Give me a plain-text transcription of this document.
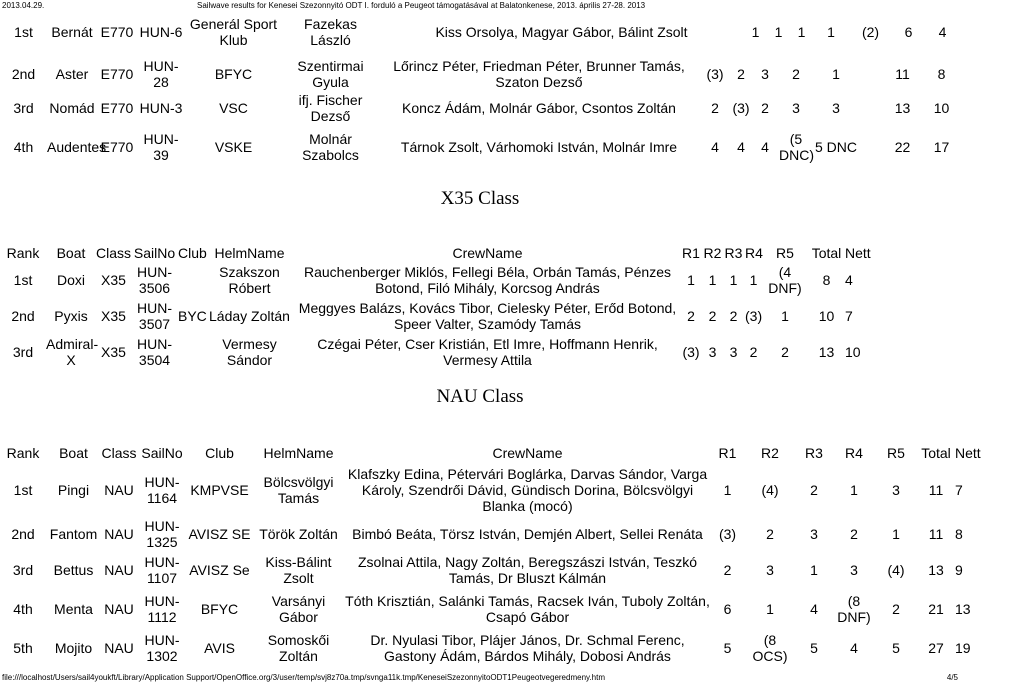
2013.04.29.	Sailwave results for Kenesei Szezonnyitó ODT I. forduló a Peugeot támogatásával at Balatonkenese, 2013. április 27-28. 2013
1st	Bernát	E770	HUN-6	Generál Sport Klub	Fazekas László	Kiss Orsolya, Magyar Gábor, Bálint Zsolt	1	1	1	1	(2)	6	4
2nd	Aster	E770	HUN-28	BFYC	Szentirmai Gyula	Lőrincz Péter, Friedman Péter, Brunner Tamás, Szaton Dezső	(3)	2	3	2	1		11	8
3rd	Nomád	E770	HUN-3	VSC	ifj. Fischer Dezső	Koncz Ádám, Molnár Gábor, Csontos Zoltán	2	(3)	2	3	3		13	10
4th	Audentes	E770	HUN-39	VSKE	Molnár Szabolcs	Tárnok Zsolt, Várhomoki István, Molnár Imre	4	4	4	(5 DNC)	5 DNC		22	17
X35 Class
Rank	Boat	Class	SailNo	Club	HelmName	CrewName	R1	R2	R3	R4	R5	Total	Nett
1st	Doxi	X35	HUN-3506		Szakszon Róbert	Rauchenberger Miklós, Fellegi Béla, Orbán Tamás, Pénzes Botond, Filó Mihály, Korcsog András	1	1	1	1	(4 DNF)	8	4
2nd	Pyxis	X35	HUN-3507	BYC	Láday Zoltán	Meggyes Balázs, Kovács Tibor, Cielesky Péter, Erőd Botond, Speer Valter, Szamódy Tamás	2	2	2	(3)	1	10	7
3rd	Admiral-X	X35	HUN-3504		Vermesy Sándor	Czégai Péter, Cser Kristián, Etl Imre, Hoffmann Henrik, Vermesy Attila	(3)	3	3	2	2	13	10
NAU Class
Rank	Boat	Class	SailNo	Club	HelmName	CrewName	R1	R2	R3	R4	R5	Total	Nett
1st	Pingi	NAU	HUN-1164	KMPVSE	Bölcsvölgyi Tamás	Klafszky Edina, Pétervári Boglárka, Darvas Sándor, Varga Károly, Szendrői Dávid, Gündisch Dorina, Bölcsvölgyi Blanka (mocó)	1	(4)	2	1	3	11	7
2nd	Fantom	NAU	HUN-1325	AVISZ SE	Török Zoltán	Bimbó Beáta, Törsz István, Demjén Albert, Sellei Renáta	(3)	2	3	2	1	11	8
3rd	Bettus	NAU	HUN-1107	AVISZ Se	Kiss-Bálint Zsolt	Zsolnai Attila, Nagy Zoltán, Beregszászi István, Teszkó Tamás, Dr Bluszt Kálmán	2	3	1	3	(4)	13	9
4th	Menta	NAU	HUN-1112	BFYC	Varsányi Gábor	Tóth Krisztián, Salánki Tamás, Racsek Iván, Tuboly Zoltán, Csapó Gábor	6	1	4	(8 DNF)	2	21	13
5th	Mojito	NAU	HUN-1302	AVIS	Somoskői Zoltán	Dr. Nyulasi Tibor, Plájer János, Dr. Schmal Ferenc, Gastony Ádám, Bárdos Mihály, Dobosi András	5	(8 OCS)	5	4	5	27	19
file:///localhost/Users/sail4youkft/Library/Application Support/OpenOffice.org/3/user/temp/svj8z70a.tmp/svnga11k.tmp/KeneseiSzezonnyitoODT1Peugeotvegeredmeny.htm	4/5
